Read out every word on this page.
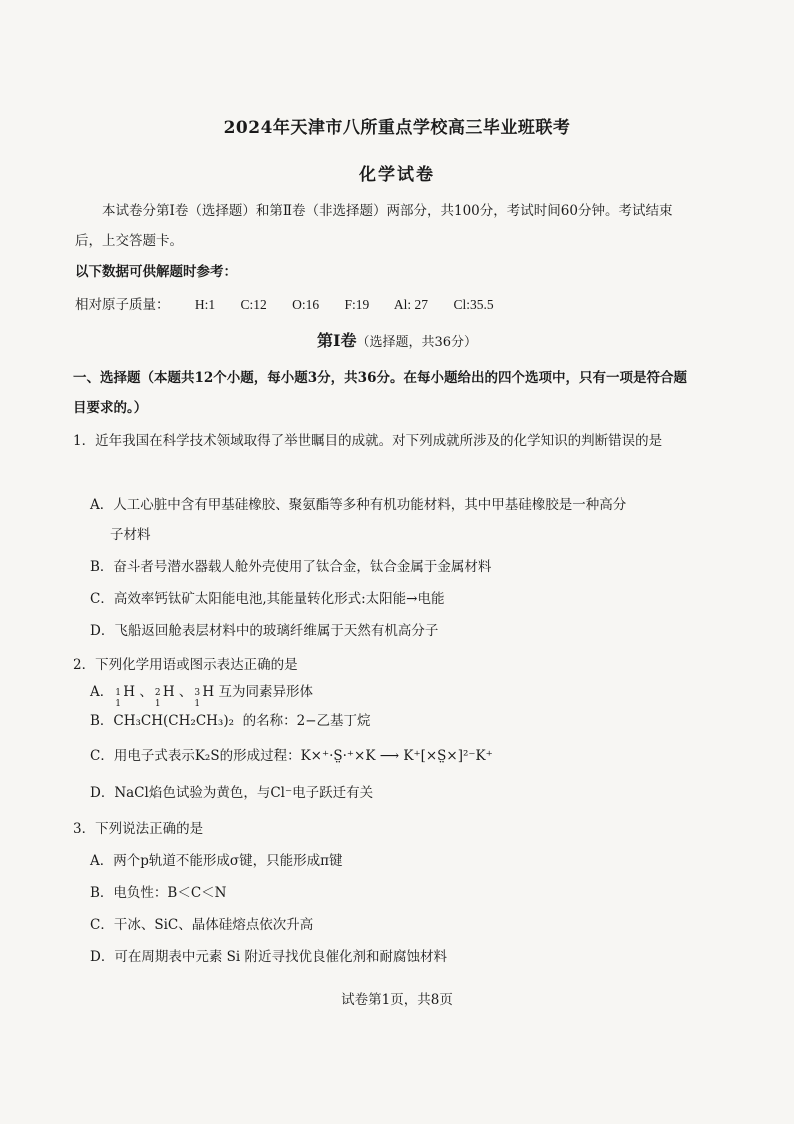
2024年天津市八所重点学校高三毕业班联考
化学试卷
本试卷分第Ⅰ卷（选择题）和第Ⅱ卷（非选择题）两部分，共100分，考试时间60分钟。考试结束后，上交答题卡。
以下数据可供解题时参考：
相对原子质量： H:1 C:12 O:16 F:19 Al: 27 Cl:35.5
第Ⅰ卷（选择题，共36分）
一、选择题（本题共12个小题，每小题3分，共36分。在每小题给出的四个选项中，只有一项是符合题目要求的。）
1．近年我国在科学技术领域取得了举世瞩目的成就。对下列成就所涉及的化学知识的判断错误的是
A．人工心脏中含有甲基硅橡胶、聚氨酯等多种有机功能材料，其中甲基硅橡胶是一种高分
子材料
B．奋斗者号潜水器载人舱外壳使用了钛合金，钛合金属于金属材料
C．高效率钙钛矿太阳能电池,其能量转化形式:太阳能→电能
D．飞船返回舱表层材料中的玻璃纤维属于天然有机高分子
2．下列化学用语或图示表达正确的是
A． 1
1
H 、 2
1
H 、 3
1
H 互为同素异形体
B．CH₃CH(CH₂CH₃)₂ 的名称：2−乙基丁烷
C．用电子式表示K₂S的形成过程：K×⁺·S̤·⁺×K ⟶ K⁺[×S̤×]²⁻K⁺
D．NaCl焰色试验为黄色，与Cl⁻电子跃迁有关
3．下列说法正确的是
A．两个p轨道不能形成σ键，只能形成π键
B．电负性：B＜C＜N
C．干冰、SiC、晶体硅熔点依次升高
D．可在周期表中元素 Si 附近寻找优良催化剂和耐腐蚀材料
试卷第1页，共8页
